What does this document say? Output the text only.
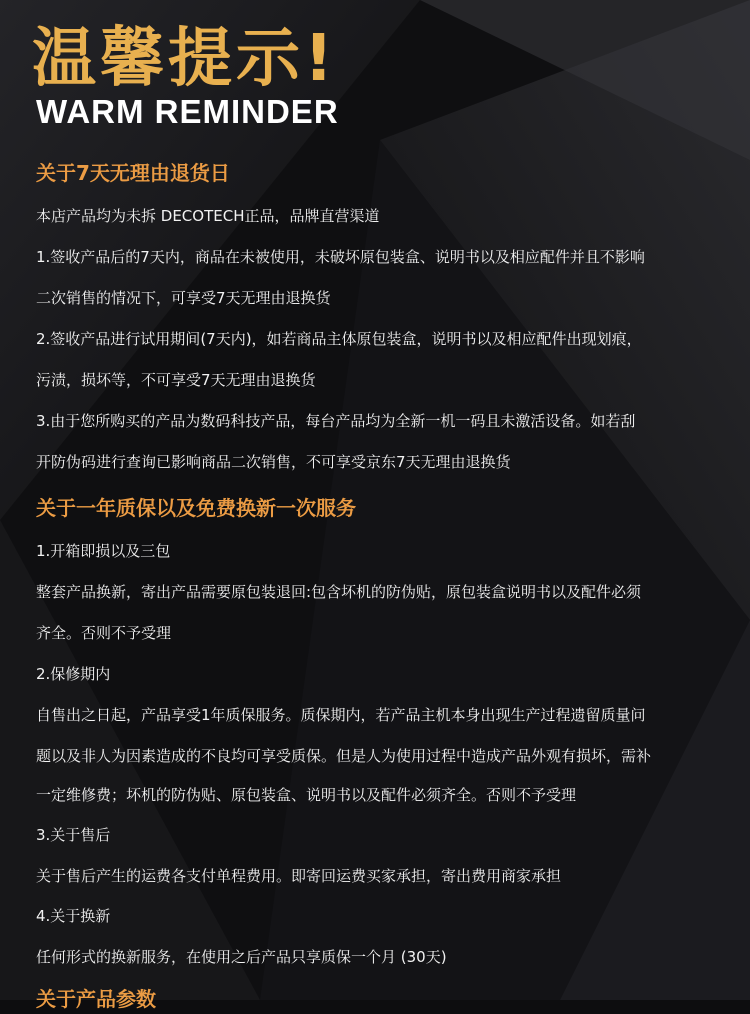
温馨提示!
WARM REMINDER
关于7天无理由退货日
本店产品均为未拆 DECOTECH正品，品牌直营渠道
1.签收产品后的7天内，商品在未被使用，未破坏原包装盒、说明书以及相应配件并且不影响
二次销售的情况下，可享受7天无理由退换货
2.签收产品进行试用期间(7天内)，如若商品主体原包装盒，说明书以及相应配件出现划痕，
污渍，损坏等，不可享受7天无理由退换货
3.由于您所购买的产品为数码科技产品，每台产品均为全新一机一码且未激活设备。如若刮
开防伪码进行查询已影响商品二次销售，不可享受京东7天无理由退换货
关于一年质保以及免费换新一次服务
1.开箱即损以及三包
整套产品换新，寄出产品需要原包装退回:包含坏机的防伪贴，原包装盒说明书以及配件必须
齐全。否则不予受理
2.保修期内
自售出之日起，产品享受1年质保服务。质保期内，若产品主机本身出现生产过程遗留质量问
题以及非人为因素造成的不良均可享受质保。但是人为使用过程中造成产品外观有损坏，需补
一定维修费；坏机的防伪贴、原包装盒、说明书以及配件必须齐全。否则不予受理
3.关于售后
关于售后产生的运费各支付单程费用。即寄回运费买家承担，寄出费用商家承担
4.关于换新
任何形式的换新服务，在使用之后产品只享质保一个月 (30天)
关于产品参数
